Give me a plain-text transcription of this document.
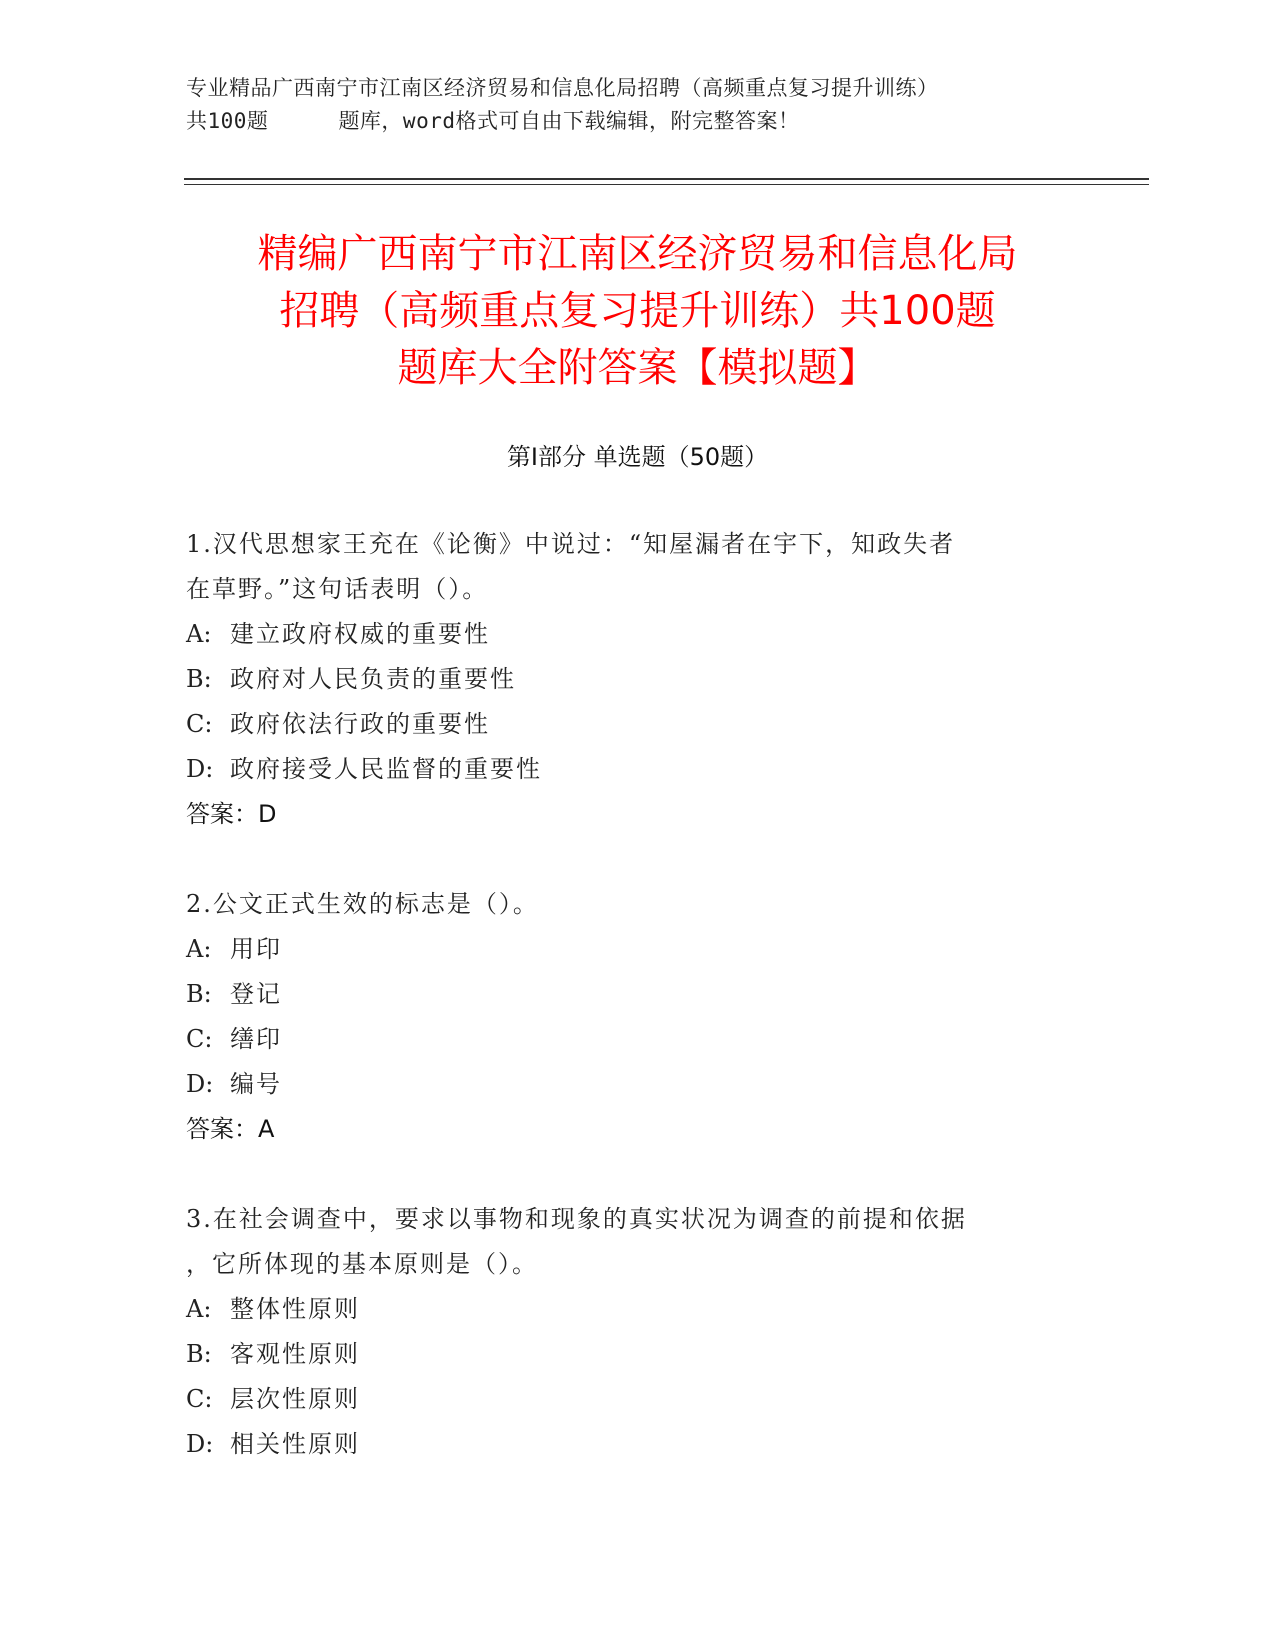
专业精品广西南宁市江南区经济贸易和信息化局招聘（高频重点复习提升训练）
共100题	题库，word格式可自由下载编辑，附完整答案！
精编广西南宁市江南区经济贸易和信息化局
招聘（高频重点复习提升训练）共100题
题库大全附答案【模拟题】
第Ⅰ部分 单选题（50题）
1.汉代思想家王充在《论衡》中说过：“知屋漏者在宇下，知政失者
在草野。”这句话表明（）。
A: 建立政府权威的重要性
B: 政府对人民负责的重要性
C: 政府依法行政的重要性
D: 政府接受人民监督的重要性
答案：D
2.公文正式生效的标志是（）。
A: 用印
B: 登记
C: 缮印
D: 编号
答案：A
3.在社会调查中，要求以事物和现象的真实状况为调查的前提和依据
，它所体现的基本原则是（）。
A: 整体性原则
B: 客观性原则
C: 层次性原则
D: 相关性原则
